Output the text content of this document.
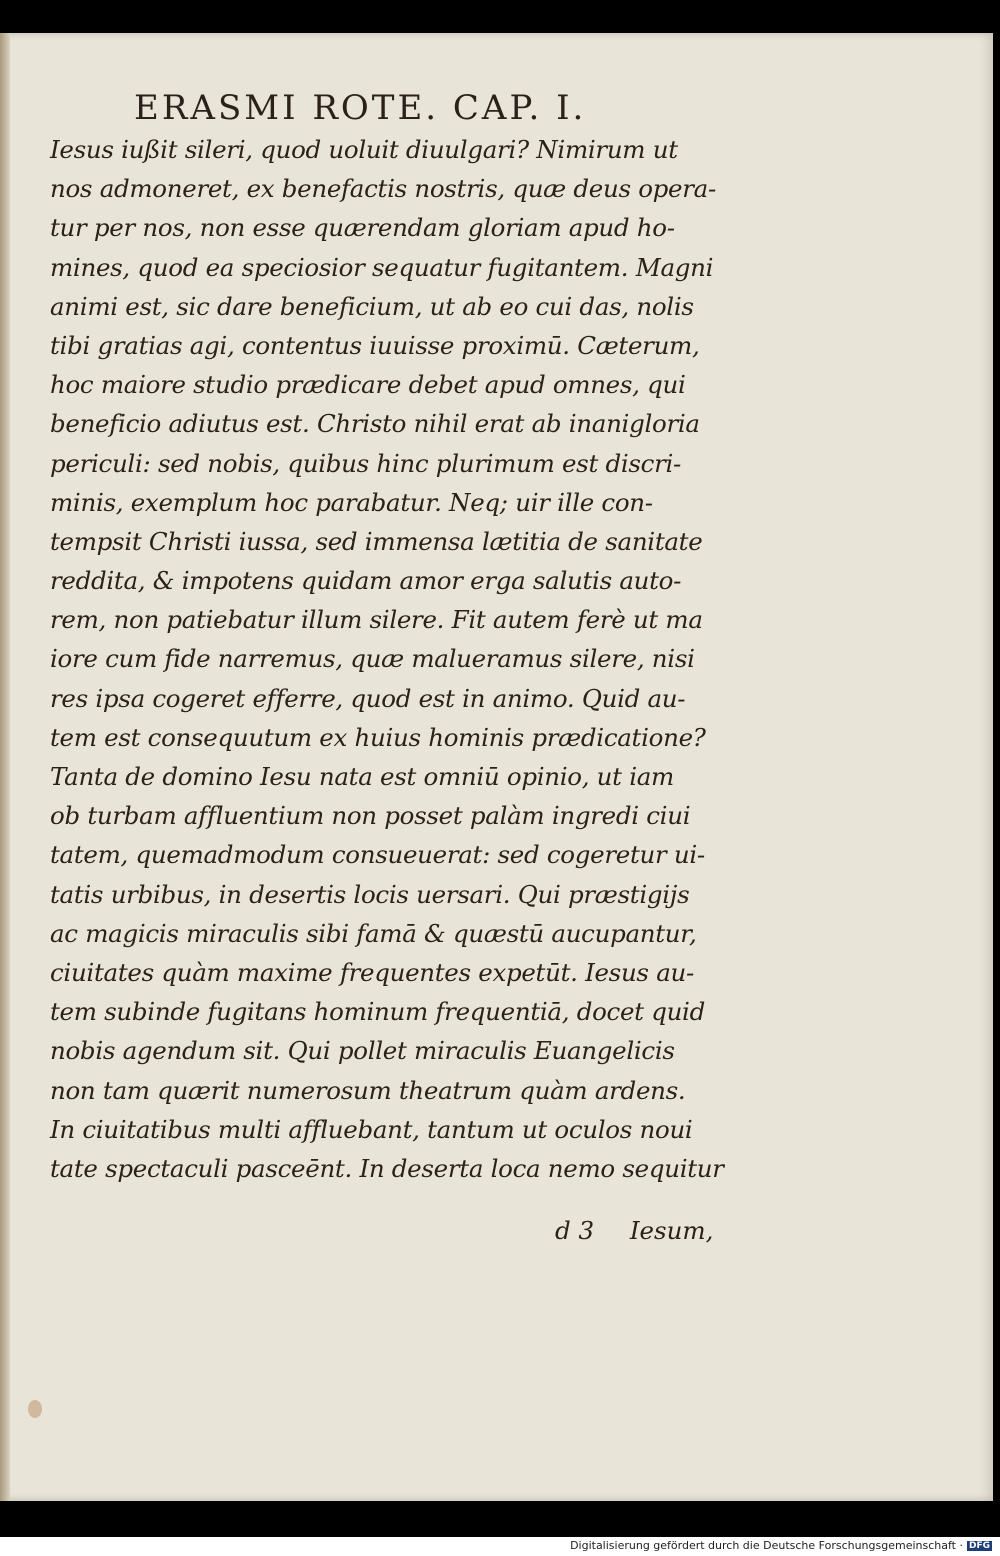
ERASMI ROTE. CAP. I.
Iesus iußit sileri, quod uoluit diuulgari? Nimirum ut
nos admoneret, ex benefactis nostris, quæ deus opera-
tur per nos, non esse quærendam gloriam apud ho-
mines, quod ea speciosior sequatur fugitantem. Magni
animi est, sic dare beneficium, ut ab eo cui das, nolis
tibi gratias agi, contentus iuuisse proximū. Cæterum,
hoc maiore studio prædicare debet apud omnes, qui
beneficio adiutus est. Christo nihil erat ab inanigloria
periculi: sed nobis, quibus hinc plurimum est discri-
minis, exemplum hoc parabatur. Neq; uir ille con-
tempsit Christi iussa, sed immensa lætitia de sanitate
reddita, & impotens quidam amor erga salutis auto-
rem, non patiebatur illum silere. Fit autem ferè ut ma
iore cum fide narremus, quæ malueramus silere, nisi
res ipsa cogeret efferre, quod est in animo. Quid au-
tem est consequutum ex huius hominis prædicatione?
Tanta de domino Iesu nata est omniū opinio, ut iam
ob turbam affluentium non posset palàm ingredi ciui
tatem, quemadmodum consueuerat: sed cogeretur ui-
tatis urbibus, in desertis locis uersari. Qui præstigijs
ac magicis miraculis sibi famā & quæstū aucupantur,
ciuitates quàm maxime frequentes expetūt. Iesus au-
tem subinde fugitans hominum frequentiā, docet quid
nobis agendum sit. Qui pollet miraculis Euangelicis
non tam quærit numerosum theatrum quàm ardens.
In ciuitatibus multi affluebant, tantum ut oculos noui
tate spectaculi pasceēnt. In deserta loca nemo sequitur
d 3 Iesum,
Digitalisierung gefördert durch die Deutsche Forschungsgemeinschaft · DFG
